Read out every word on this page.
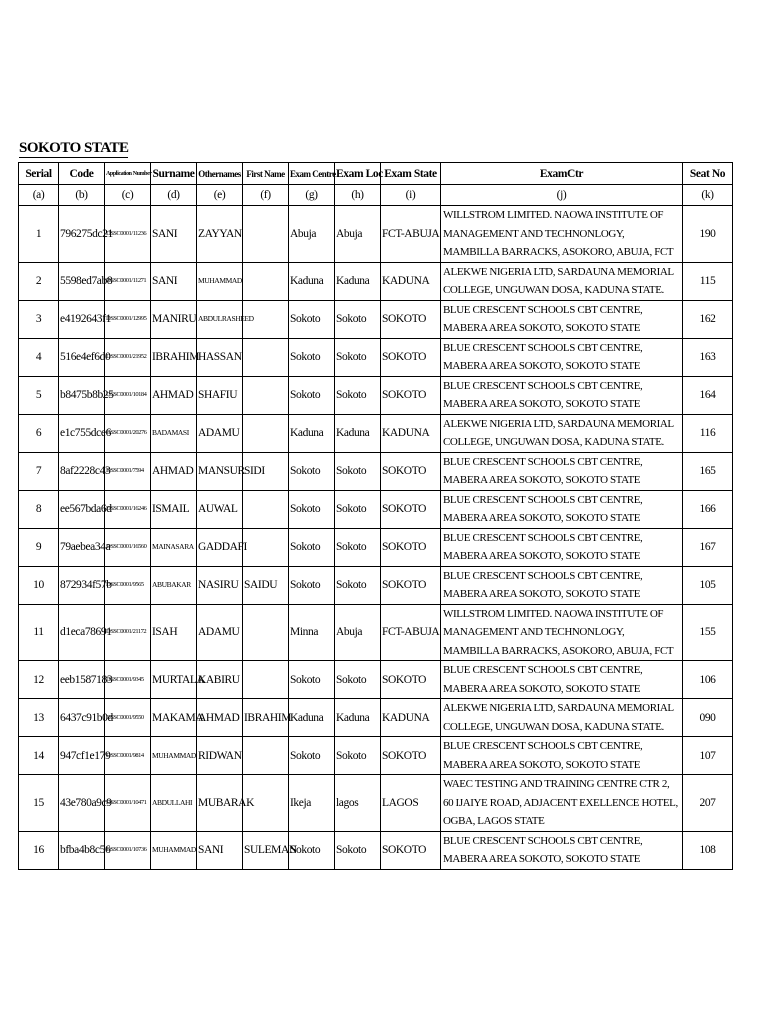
SOKOTO STATE
Serial	Code	Application Number	Surname	Othernames	First Name	Exam Centre	Exam Loc	Exam State	ExamCtr	Seat No
(a)	(b)	(c)	(d)	(e)	(f)	(g)	(h)	(i)	(j)	(k)
1	796275dc21	DSSC0001/11236	SANI	ZAYYAN		Abuja	Abuja	FCT-ABUJA	WILLSTROM LIMITED. NAOWA INSTITUTE OF MANAGEMENT AND TECHNONLOGY, MAMBILLA BARRACKS, ASOKORO, ABUJA, FCT	190
2	5598ed7ab8	DSSC0001/11271	SANI	MUHAMMAD		Kaduna	Kaduna	KADUNA	ALEKWE NIGERIA LTD, SARDAUNA MEMORIAL COLLEGE, UNGUWAN DOSA, KADUNA STATE.	115
3	e4192643f1	DSSC0001/12995	MANIRU	ABDULRASHEED		Sokoto	Sokoto	SOKOTO	BLUE CRESCENT SCHOOLS CBT CENTRE, MABERA AREA SOKOTO, SOKOTO STATE	162
4	516e4ef6d0	DSSC0001/21952	IBRAHIM	HASSAN		Sokoto	Sokoto	SOKOTO	BLUE CRESCENT SCHOOLS CBT CENTRE, MABERA AREA SOKOTO, SOKOTO STATE	163
5	b8475b8b25	DSSC0001/10184	AHMAD	SHAFIU		Sokoto	Sokoto	SOKOTO	BLUE CRESCENT SCHOOLS CBT CENTRE, MABERA AREA SOKOTO, SOKOTO STATE	164
6	e1c755dce6	DSSC0001/20276	BADAMASI	ADAMU		Kaduna	Kaduna	KADUNA	ALEKWE NIGERIA LTD, SARDAUNA MEMORIAL COLLEGE, UNGUWAN DOSA, KADUNA STATE.	116
7	8af2228c43	DSSC0001/7594	AHMAD	MANSUR	SIDI	Sokoto	Sokoto	SOKOTO	BLUE CRESCENT SCHOOLS CBT CENTRE, MABERA AREA SOKOTO, SOKOTO STATE	165
8	ee567bda6d	DSSC0001/16246	ISMAIL	AUWAL		Sokoto	Sokoto	SOKOTO	BLUE CRESCENT SCHOOLS CBT CENTRE, MABERA AREA SOKOTO, SOKOTO STATE	166
9	79aebea34a	DSSC0001/16560	MAINASARA	GADDAFI		Sokoto	Sokoto	SOKOTO	BLUE CRESCENT SCHOOLS CBT CENTRE, MABERA AREA SOKOTO, SOKOTO STATE	167
10	872934f57b	DSSC0001/9565	ABUBAKAR	NASIRU	SAIDU	Sokoto	Sokoto	SOKOTO	BLUE CRESCENT SCHOOLS CBT CENTRE, MABERA AREA SOKOTO, SOKOTO STATE	105
11	d1eca78691	DSSC0001/21172	ISAH	ADAMU		Minna	Abuja	FCT-ABUJA	WILLSTROM LIMITED. NAOWA INSTITUTE OF MANAGEMENT AND TECHNONLOGY, MAMBILLA BARRACKS, ASOKORO, ABUJA, FCT	155
12	eeb1587183	DSSC0001/9345	MURTALA	KABIRU		Sokoto	Sokoto	SOKOTO	BLUE CRESCENT SCHOOLS CBT CENTRE, MABERA AREA SOKOTO, SOKOTO STATE	106
13	6437c91b0d	DSSC0001/9550	MAKAMA	AHMAD	IBRAHIM	Kaduna	Kaduna	KADUNA	ALEKWE NIGERIA LTD, SARDAUNA MEMORIAL COLLEGE, UNGUWAN DOSA, KADUNA STATE.	090
14	947cf1e179	DSSC0001/9814	MUHAMMAD	RIDWAN		Sokoto	Sokoto	SOKOTO	BLUE CRESCENT SCHOOLS CBT CENTRE, MABERA AREA SOKOTO, SOKOTO STATE	107
15	43e780a9c9	DSSC0001/10471	ABDULLAHI	MUBARAK		Ikeja	lagos	LAGOS	WAEC TESTING AND TRAINING CENTRE CTR 2, 60 IJAIYE ROAD, ADJACENT EXELLENCE HOTEL, OGBA, LAGOS STATE	207
16	bfba4b8c56	DSSC0001/10736	MUHAMMAD	SANI	SULEMAN	Sokoto	Sokoto	SOKOTO	BLUE CRESCENT SCHOOLS CBT CENTRE, MABERA AREA SOKOTO, SOKOTO STATE	108
